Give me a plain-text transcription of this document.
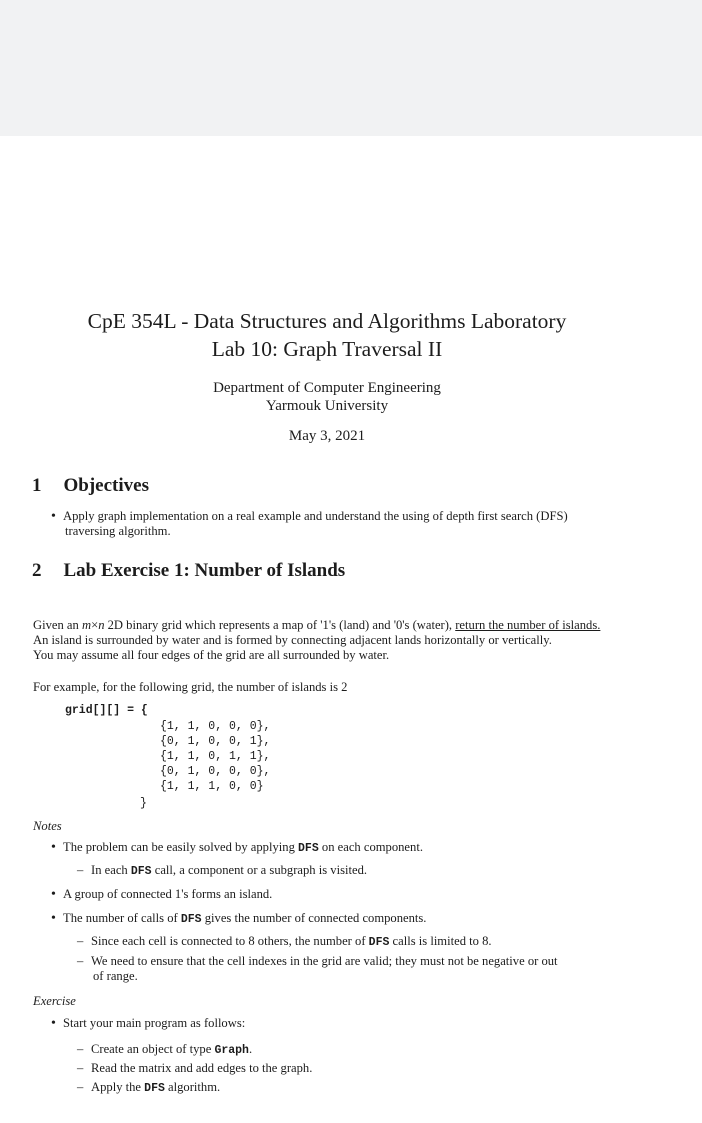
CpE 354L - Data Structures and Algorithms Laboratory
Lab 10: Graph Traversal II
Department of Computer Engineering
Yarmouk University
May 3, 2021
1 Objectives
Apply graph implementation on a real example and understand the using of depth first search (DFS)
traversing algorithm.
2 Lab Exercise 1: Number of Islands
Given an m×n 2D binary grid which represents a map of '1's (land) and '0's (water), return the number of islands.
An island is surrounded by water and is formed by connecting adjacent lands horizontally or vertically.
You may assume all four edges of the grid are all surrounded by water.
For example, for the following grid, the number of islands is 2
grid[][] = {
{1, 1, 0, 0, 0},
{0, 1, 0, 0, 1},
{1, 1, 0, 1, 1},
{0, 1, 0, 0, 0},
{1, 1, 1, 0, 0}
}
Notes
The problem can be easily solved by applying DFS on each component.
– In each DFS call, a component or a subgraph is visited.
A group of connected 1's forms an island.
The number of calls of DFS gives the number of connected components.
– Since each cell is connected to 8 others, the number of DFS calls is limited to 8.
– We need to ensure that the cell indexes in the grid are valid; they must not be negative or out
of range.
Exercise
Start your main program as follows:
– Create an object of type Graph.
– Read the matrix and add edges to the graph.
– Apply the DFS algorithm.
